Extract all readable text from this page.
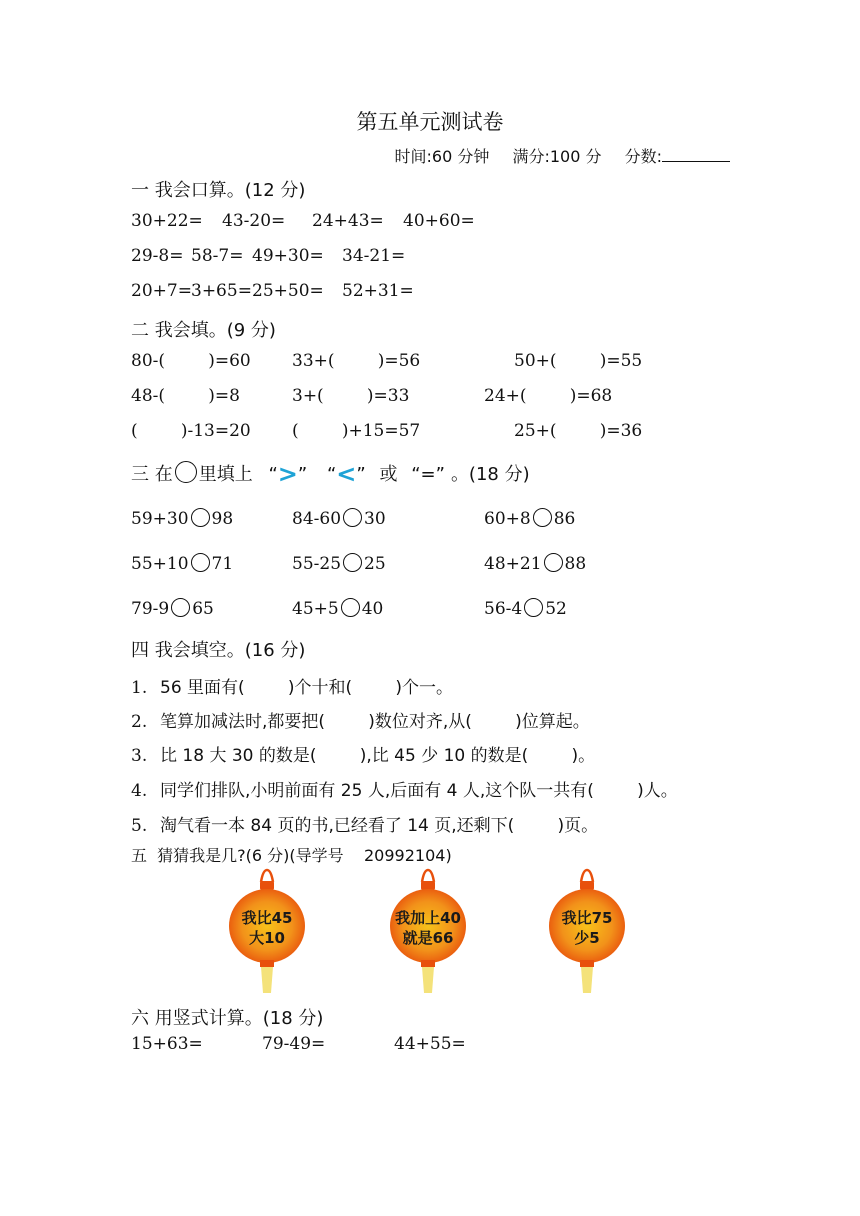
第五单元测试卷
时间:60 分钟 满分:100 分 分数:
一 我会口算。(12 分)
30+22= 43-20= 24+43= 40+60=
29-8= 58-7= 49+30= 34-21=
20+7= 3+65= 25+50= 52+31=
二 我会填。(9 分)
80-(        )=60 33+(        )=56	50+(        )=55
48-(        )=8	3+(        )=33	24+(        )=68
(        )-13=20 (        )+15=57	25+(        )=36
三 在 里填上 “>” “<” 或 “=” 。(18 分)
59+30 98	84-60 30	60+8 86
55+10 71	55-25 25	48+21 88
79-9 65	45+5 40	56-4 52
四 我会填空。(16 分)
1. 56 里面有(        )个十和(        )个一。
2. 笔算加减法时,都要把(        )数位对齐,从(        )位算起。
3. 比 18 大 30 的数是(        ),比 45 少 10 的数是(        )。
4. 同学们排队,小明前面有 25 人,后面有 4 人,这个队一共有(        )人。
5. 淘气看一本 84 页的书,已经看了 14 页,还剩下(        )页。
五  猜猜我是几?(6 分)(导学号    20992104)
我比45
大10
我加上40
就是66
我比75
少5
六 用竖式计算。(18 分)
15+63=	79-49=	44+55=
